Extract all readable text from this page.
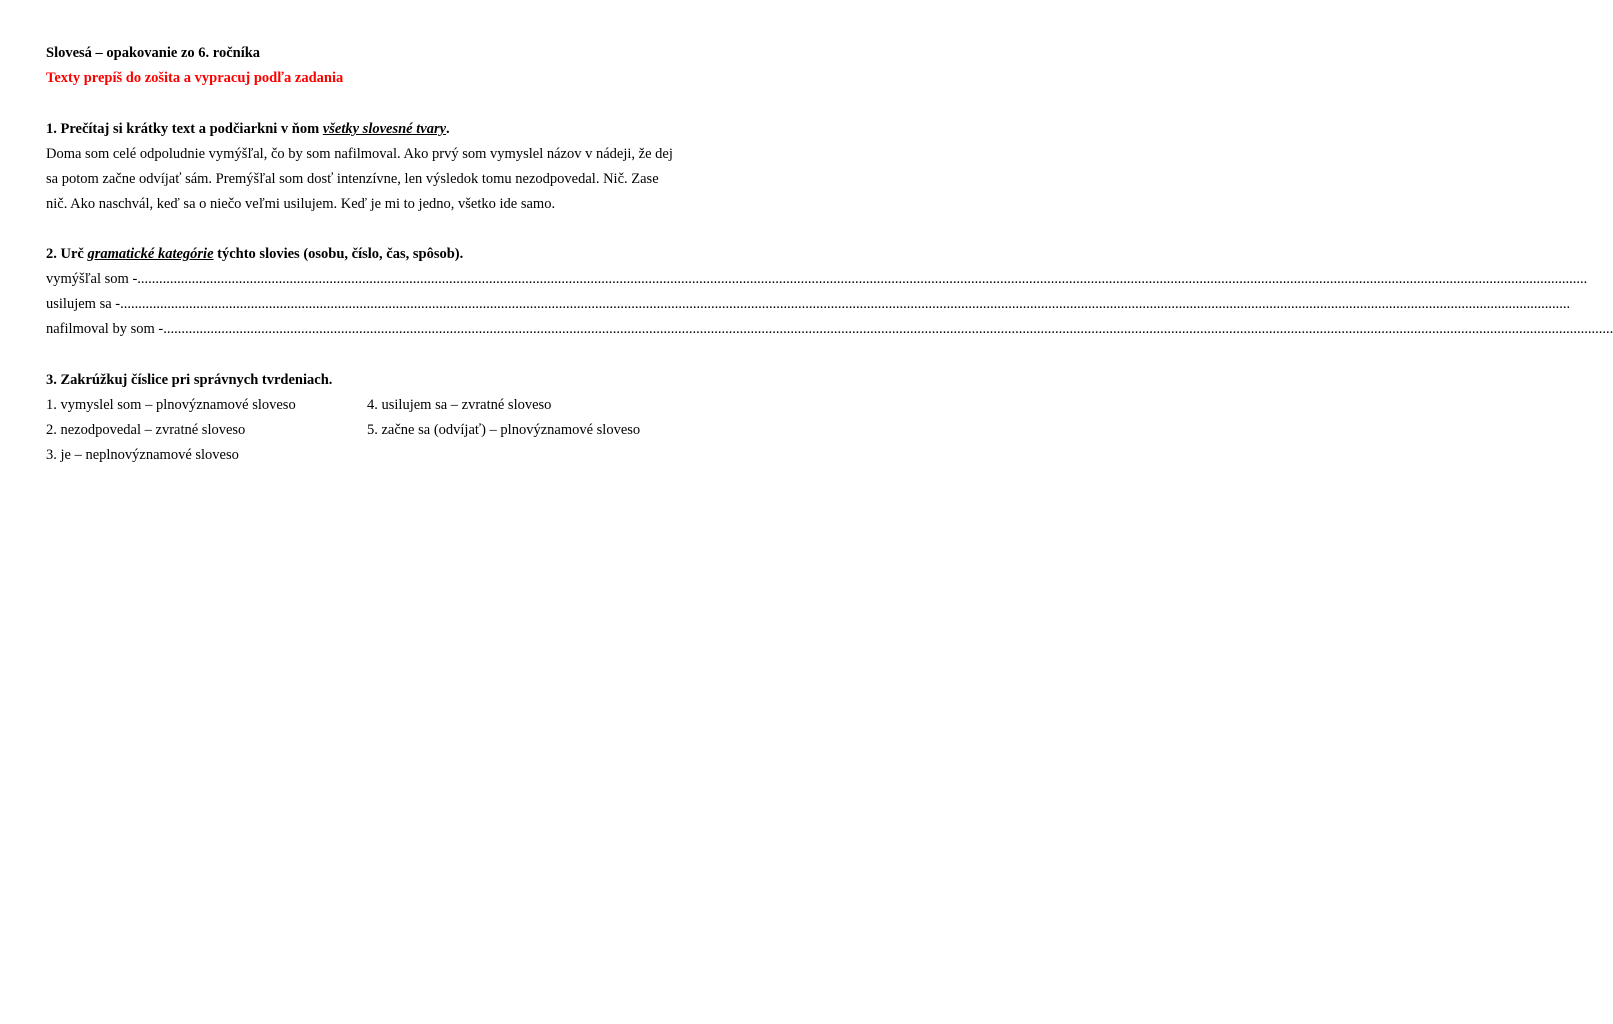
Slovesá – opakovanie zo 6. ročníka
Texty prepíš do zošita a vypracuj podľa zadania
1. Prečítaj si krátky text a podčiarkni v ňom všetky slovesné tvary.
Doma som celé odpoludnie vymýšľal, čo by som nafilmoval. Ako prvý som vymyslel názov v nádeji, že dej
sa potom začne odvíjať sám. Premýšľal som dosť intenzívne, len výsledok tomu nezodpovedal. Nič. Zase
nič. Ako naschvál, keď sa o niečo veľmi usilujem. Keď je mi to jedno, všetko ide samo.
2. Urč gramatické kategórie týchto slovies (osobu, číslo, čas, spôsob).
vymýšľal som - ................................................................................................................................................................................................................................................................................................................................................................................................................
usilujem sa - ................................................................................................................................................................................................................................................................................................................................................................................................................
nafilmoval by som - ................................................................................................................................................................................................................................................................................................................................................................................................................
3. Zakrúžkuj číslice pri správnych tvrdeniach.
1. vymyslel som – plnovýznamové sloveso
2. nezodpovedal – zvratné sloveso
3. je – neplnovýznamové sloveso
4. usilujem sa – zvratné sloveso
5. začne sa (odvíjať) – plnovýznamové sloveso
